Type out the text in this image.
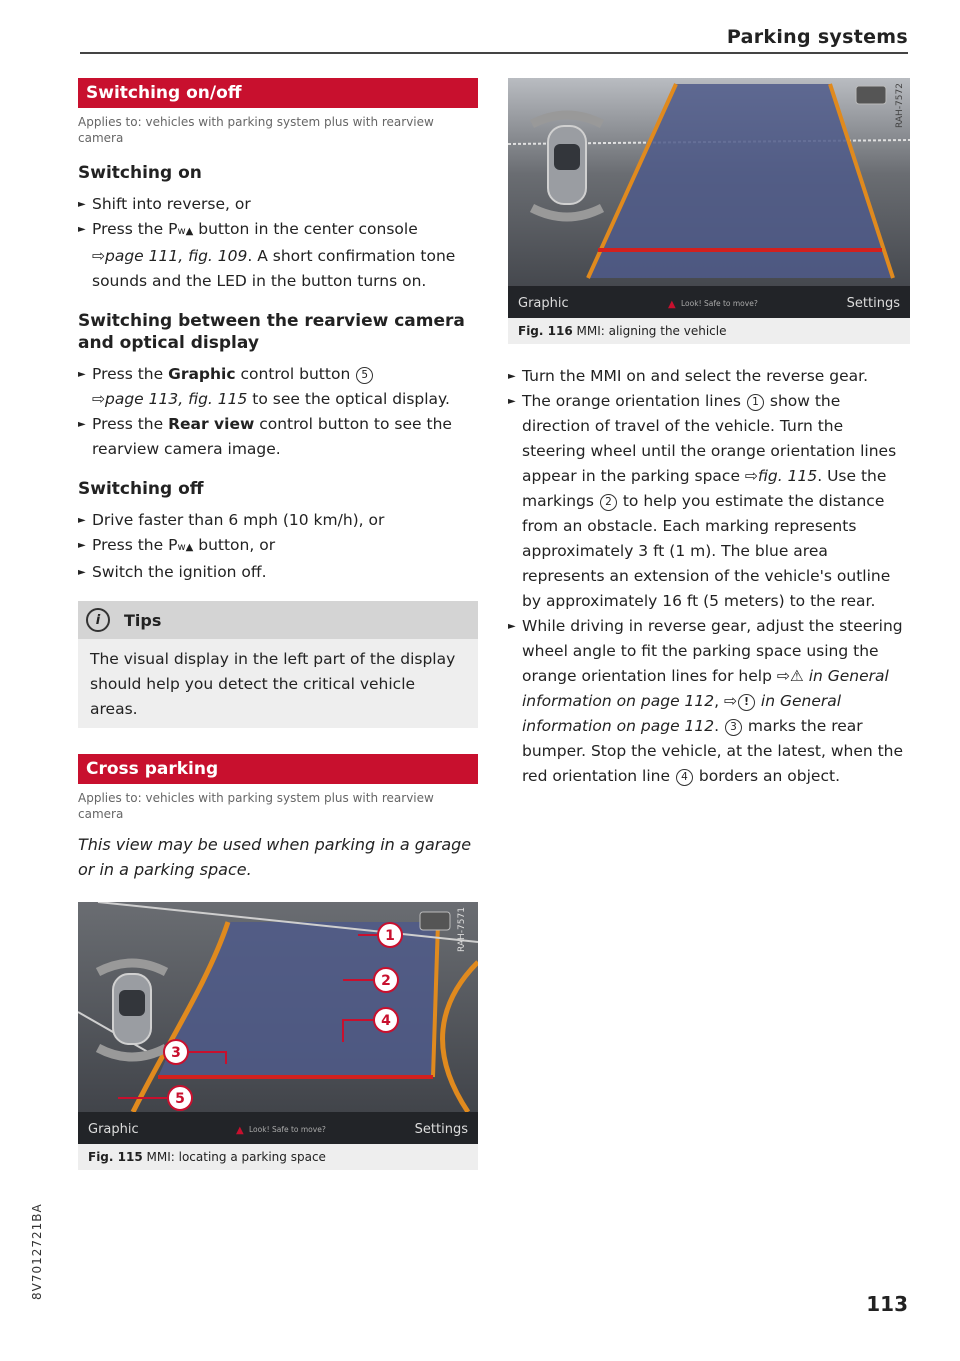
Parking systems
Switching on/off
Applies to: vehicles with parking system plus with rearview camera
Switching on
► Shift into reverse, or
► Press the Pᴡ▲ button in the center console
⇨page 111, fig. 109. A short confirmation tone sounds and the LED in the button turns on.
Switching between the rearview camera and optical display
► Press the Graphic control button 5
⇨page 113, fig. 115 to see the optical display.
► Press the Rear view control button to see the rearview camera image.
Switching off
► Drive faster than 6 mph (10 km/h), or
► Press the Pᴡ▲ button, or
► Switch the ignition off.
i	Tips
The visual display in the left part of the display should help you detect the critical vehicle areas.
Cross parking
Applies to: vehicles with parking system plus with rearview camera
This view may be used when parking in a garage or in a parking space.
RAH-7571
1
2
4
3
5
Graphic	▲ Look! Safe to move?	Settings
Fig. 115 MMI: locating a parking space
RAH-7572
Graphic	▲ Look! Safe to move?	Settings
Fig. 116 MMI: aligning the vehicle
► Turn the MMI on and select the reverse gear.
► The orange orientation lines 1 show the direction of travel of the vehicle. Turn the steering wheel until the orange orientation lines appear in the parking space ⇨fig. 115. Use the markings 2 to help you estimate the distance from an obstacle. Each marking represents approximately 3 ft (1 m). The blue area represents an extension of the vehicle's outline by approximately 16 ft (5 meters) to the rear.
► While driving in reverse gear, adjust the steering wheel angle to fit the parking space using the orange orientation lines for help ⇨⚠ in General information on page 112, ⇨ ! in General information on page 112. 3 marks the rear bumper. Stop the vehicle, at the latest, when the red orientation line 4 borders an object.
8V7012721BA
113
